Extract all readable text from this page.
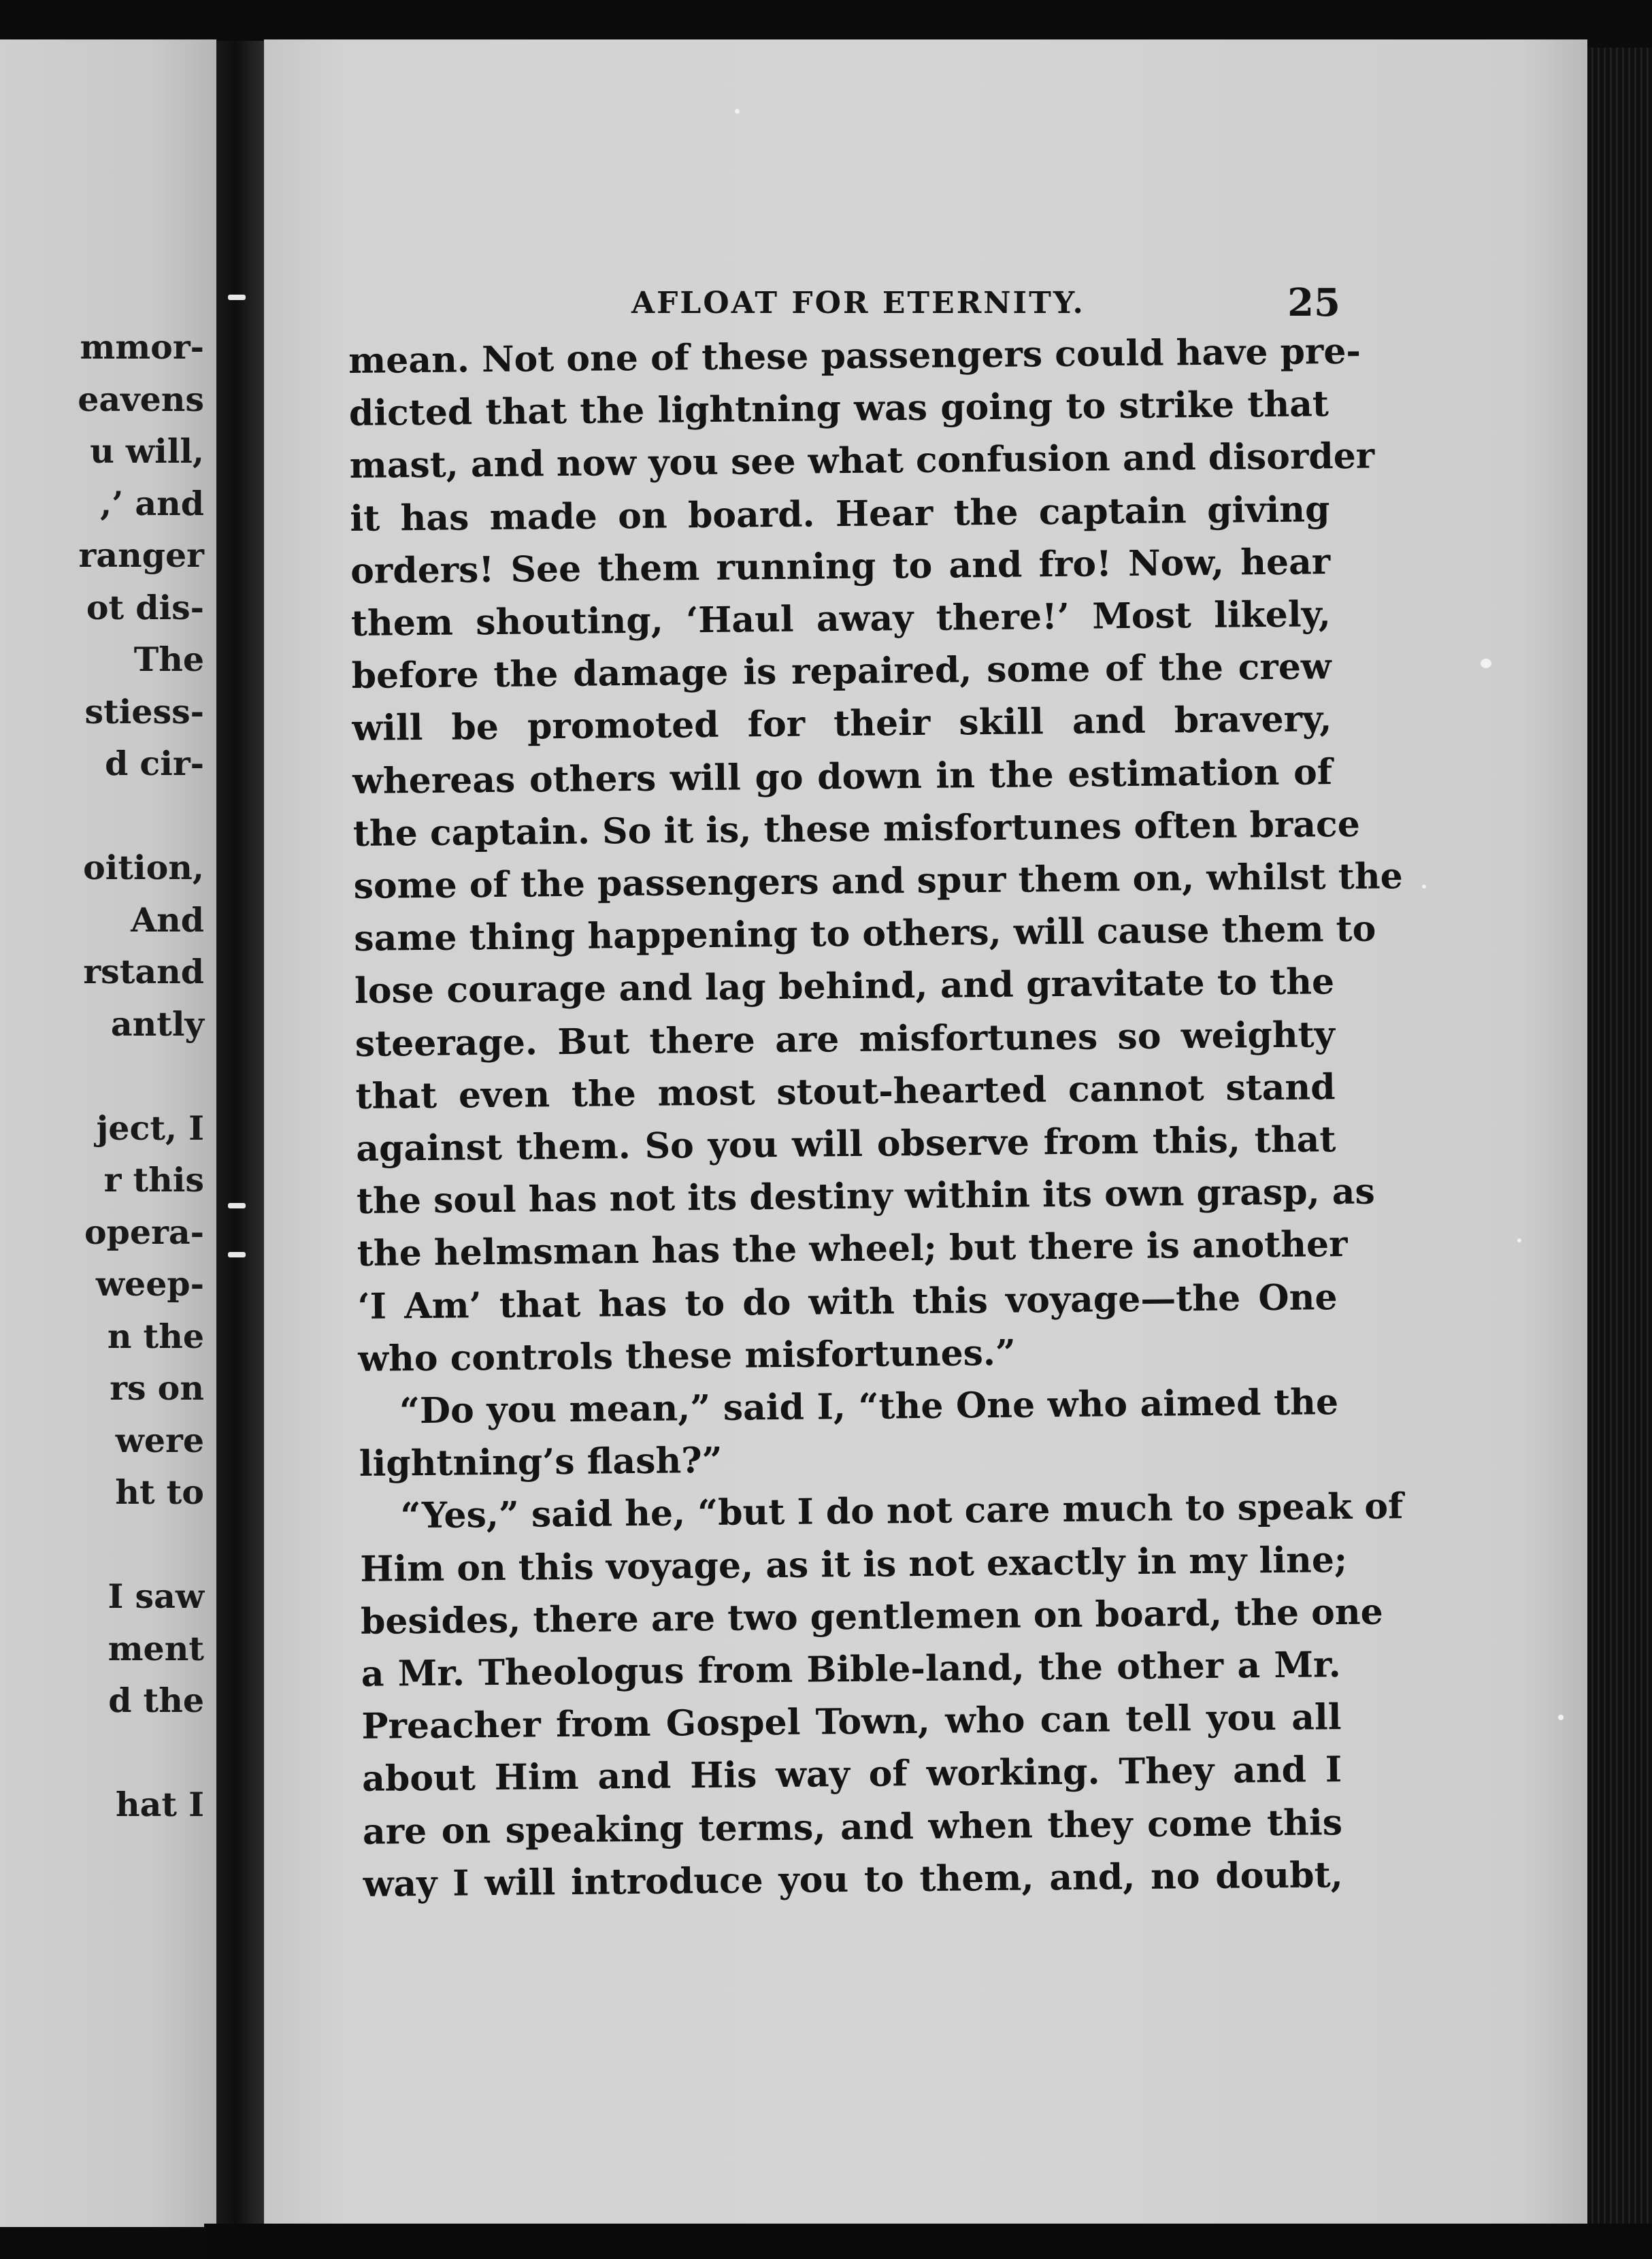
mmor-
eavens
u will,
,’ and
ranger
ot dis-
The
stiess-
d cir-
oition,
And
rstand
antly
ject, I
r this
opera-
weep-
n the
rs on
were
ht to
I saw
ment
d the
hat I
AFLOAT FOR ETERNITY.	25
mean. Not one of these passengers could have pre-
dicted that the lightning was going to strike that
mast, and now you see what confusion and disorder
it has made on board. Hear the captain giving
orders! See them running to and fro! Now, hear
them shouting, ‘Haul away there!’ Most likely,
before the damage is repaired, some of the crew
will be promoted for their skill and bravery,
whereas others will go down in the estimation of
the captain. So it is, these misfortunes often brace
some of the passengers and spur them on, whilst the
same thing happening to others, will cause them to
lose courage and lag behind, and gravitate to the
steerage. But there are misfortunes so weighty
that even the most stout-hearted cannot stand
against them. So you will observe from this, that
the soul has not its destiny within its own grasp, as
the helmsman has the wheel; but there is another
‘I Am’ that has to do with this voyage—the One
who controls these misfortunes.”
“Do you mean,” said I, “the One who aimed the
lightning’s flash?”
“Yes,” said he, “but I do not care much to speak of
Him on this voyage, as it is not exactly in my line;
besides, there are two gentlemen on board, the one
a Mr. Theologus from Bible-land, the other a Mr.
Preacher from Gospel Town, who can tell you all
about Him and His way of working. They and I
are on speaking terms, and when they come this
way I will introduce you to them, and, no doubt,
